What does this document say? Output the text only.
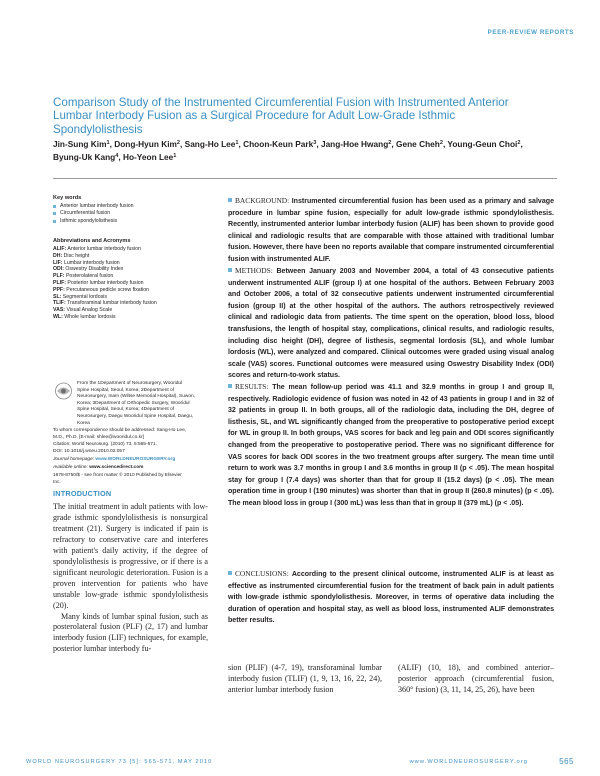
PEER-REVIEW REPORTS
Comparison Study of the Instrumented Circumferential Fusion with Instrumented Anterior Lumbar Interbody Fusion as a Surgical Procedure for Adult Low-Grade Isthmic Spondylolisthesis
Jin-Sung Kim$^1$, Dong-Hyun Kim$^2$, Sang-Ho Lee$^1$, Choon-Keun Park$^3$, Jang-Hoe Hwang$^2$, Gene Cheh$^2$, Young-Geun Choi$^2$, Byung-Uk Kang$^4$, Ho-Yeon Lee$^1$
Key words
Anterior lumbar interbody fusion
Circumferential fusion
Isthmic spondylolisthesis
Abbreviations and Acronyms
ALIF: Anterior lumbar interbody fusion
DH: Disc height
LIF: Lumbar interbody fusion
ODI: Oswestry Disability Index
PLF: Posterolateral fusion
PLIF: Posterior lumbar interbody fusion
PPF: Percutaneous pedicle screw fixation
SL: Segmental lordosis
TLIF: Transforaminal lumbar interbody fusion
VAS: Visual Analog Scale
WL: Whole lumbar lordosis
From the 1Department of Neurosurgery, Wooridul Spine Hospital, Seoul, Korea; 2Department of Neurosurgery, Inam (Wiltse Memorial Hospital), Suwon, Korea; 3Department of Orthopedic Surgery, Wooridul Spine Hospital, Seoul, Korea; 4Department of Neurosurgery, Daegu Wooridul Spine Hospital, Daegu, Korea
To whom correspondence should be addressed: Sang-Ho Lee, M.D., Ph.D. [E-mail: shlee@wooridul.co.kr]
Citation: World Neurosurg. (2010) 73, 5:565-571.
DOI: 10.1016/j.wneu.2010.02.057
Journal homepage: www.WORLDNEUROSURGERY.org
Available online: www.sciencedirect.com
1878-8750/$ - see front matter © 2010 Published by Elsevier Inc.
BACKGROUND: Instrumented circumferential fusion has been used as a primary and salvage procedure in lumbar spine fusion, especially for adult low-grade isthmic spondylolisthesis. Recently, instrumented anterior lumbar interbody fusion (ALIF) has been shown to provide good clinical and radiologic results that are comparable with those attained with traditional lumbar fusion. However, there have been no reports available that compare instrumented circumferential fusion with instrumented ALIF.
METHODS: Between January 2003 and November 2004, a total of 43 consecutive patients underwent instrumented ALIF (group I) at one hospital of the authors. Between February 2003 and October 2006, a total of 32 consecutive patients underwent instrumented circumferential fusion (group II) at the other hospital of the authors. The authors retrospectively reviewed clinical and radiologic data from patients. The time spent on the operation, blood loss, blood transfusions, the length of hospital stay, complications, clinical results, and radiologic results, including disc height (DH), degree of listhesis, segmental lordosis (SL), and whole lumbar lordosis (WL), were analyzed and compared. Clinical outcomes were graded using visual analog scale (VAS) scores. Functional outcomes were measured using Oswestry Disability Index (ODI) scores and return-to-work status.
RESULTS: The mean follow-up period was 41.1 and 32.9 months in group I and group II, respectively. Radiologic evidence of fusion was noted in 42 of 43 patients in group I and in 32 of 32 patients in group II. In both groups, all of the radiologic data, including the DH, degree of listhesis, SL, and WL significantly changed from the preoperative to postoperative period except for WL in group II. In both groups, VAS scores for back and leg pain and ODI scores significantly changed from the preoperative to postoperative period. There was no significant difference for VAS scores for back ODI scores in the two treatment groups after surgery. The mean time until return to work was 3.7 months in group I and 3.6 months in group II (p < .05). The mean hospital stay for group I (7.4 days) was shorter than that for group II (15.2 days) (p < .05). The mean operation time in group I (190 minutes) was shorter than that in group II (260.8 minutes) (p < .05). The mean blood loss in group I (300 mL) was less than that in group II (379 mL) (p < .05).
CONCLUSIONS: According to the present clinical outcome, instrumented ALIF is at least as effective as instrumented circumferential fusion for the treatment of back pain in adult patients with low-grade isthmic spondylolisthesis. Moreover, in terms of operative data including the duration of operation and hospital stay, as well as blood loss, instrumented ALIF demonstrates better results.
INTRODUCTION

The initial treatment in adult patients with low-grade isthmic spondylolisthesis is nonsurgical treatment (21). Surgery is indicated if pain is refractory to conservative care and interferes with patient's daily activity, if the degree of spondylolisthesis is progressive, or if there is a significant neurologic deterioration. Fusion is a proven intervention for patients who have unstable low-grade isthmic spondylolisthesis (20).

Many kinds of lumbar spinal fusion, such as posterolateral fusion (PLF) (2, 17) and lumbar interbody fusion (LIF) techniques, for example, posterior lumbar interbody fu-

sion (PLIF) (4-7, 19), transforaminal lumbar interbody fusion (TLIF) (1, 9, 13, 16, 22, 24), anterior lumbar interbody fusion

(ALIF) (10, 18), and combined anterior–posterior approach (circumferential fusion, 360° fusion) (3, 11, 14, 25, 26), have been

WORLD NEUROSURGERY 73 [5]: 565-571, MAY 2010	www.WORLDNEUROSURGERY.org	565
